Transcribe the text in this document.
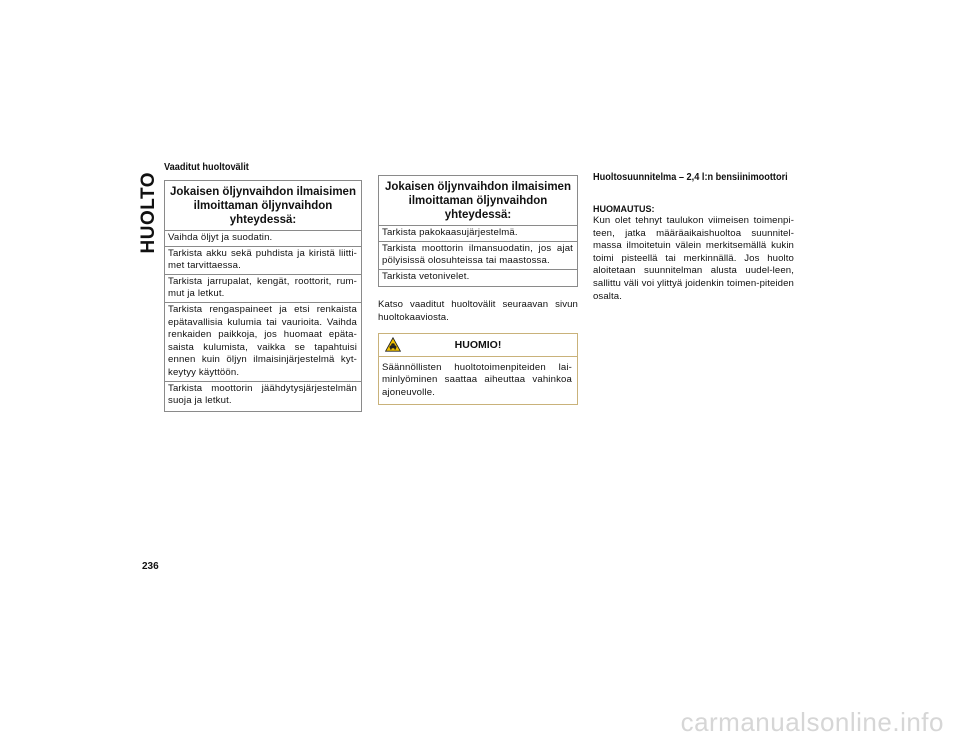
HUOLTO
Vaaditut huoltovälit
Jokaisen öljynvaihdon ilmaisimen
ilmoittaman öljynvaihdon yhteydessä:
Vaihda öljyt ja suodatin.
Tarkista akku sekä puhdista ja kiristä liitti-met tarvittaessa.
Tarkista jarrupalat, kengät, roottorit, rum-mut ja letkut.
Tarkista rengaspaineet ja etsi renkaista epätavallisia kulumia tai vaurioita. Vaihda renkaiden paikkoja, jos huomaat epäta-saista kulumista, vaikka se tapahtuisi ennen kuin öljyn ilmaisinjärjestelmä kyt-keytyy käyttöön.
Tarkista moottorin jäähdytysjärjestelmän suoja ja letkut.
Jokaisen öljynvaihdon ilmaisimen
ilmoittaman öljynvaihdon yhteydessä:
Tarkista pakokaasujärjestelmä.
Tarkista moottorin ilmansuodatin, jos ajat pölyisissä olosuhteissa tai maastossa.
Tarkista vetonivelet.
Katso vaaditut huoltovälit seuraavan sivun huoltokaaviosta.
HUOMIO!
Säännöllisten huoltotoimenpiteiden lai-minlyöminen saattaa aiheuttaa vahinkoa ajoneuvolle.
Huoltosuunnitelma – 2,4 l:n bensiinimoottori
HUOMAUTUS:
Kun olet tehnyt taulukon viimeisen toimenpi-teen, jatka määräaikaishuoltoa suunnitel-massa ilmoitetuin välein merkitsemällä kukin toimi pisteellä tai merkinnällä. Jos huolto aloitetaan suunnitelman alusta uudel-leen, sallittu väli voi ylittyä joidenkin toimen-piteiden osalta.
236
carmanualsonline.info
